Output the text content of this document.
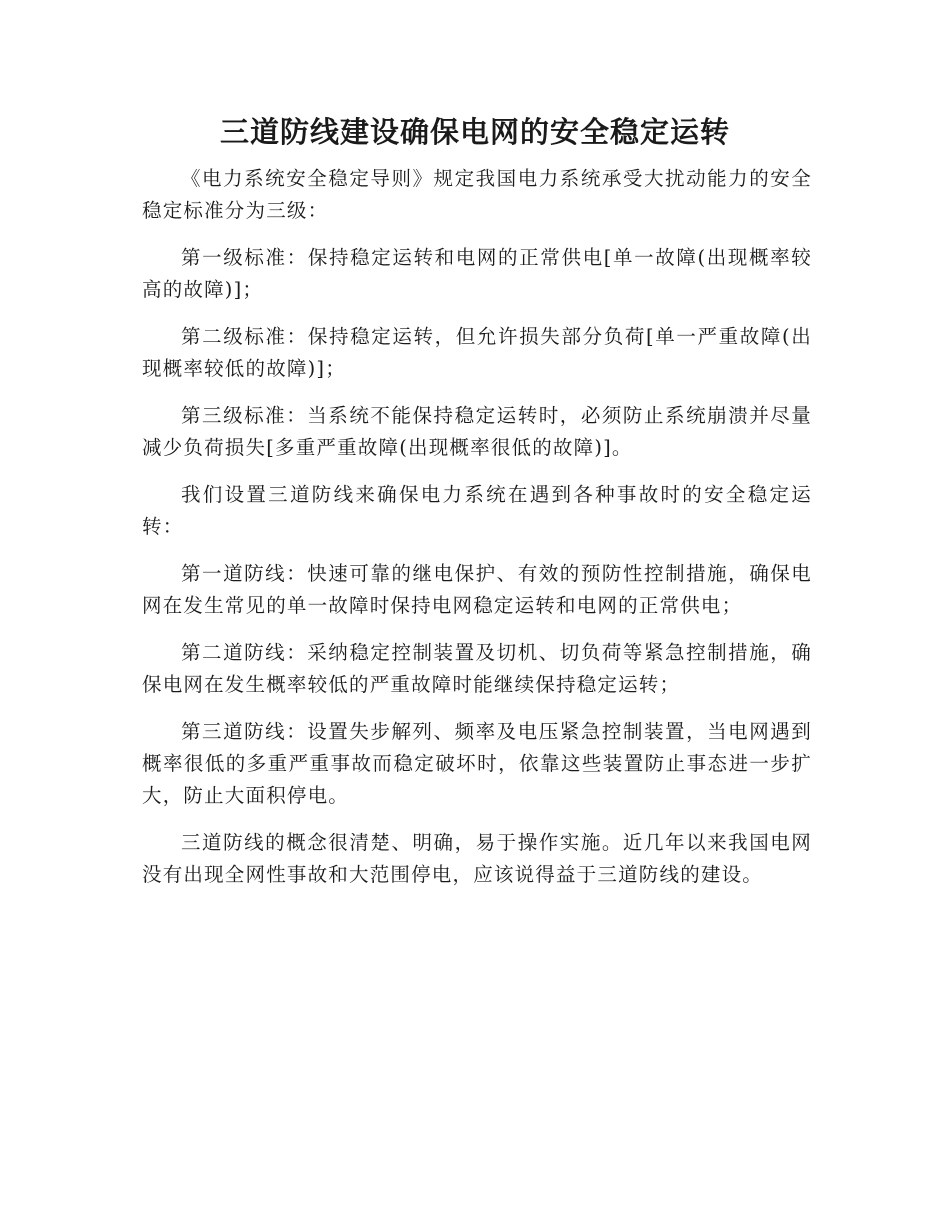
三道防线建设确保电网的安全稳定运转

《电力系统安全稳定导则》规定我国电力系统承受大扰动能力的安全稳定标准分为三级：

第一级标准：保持稳定运转和电网的正常供电[单一故障(出现概率较高的故障)]；

第二级标准：保持稳定运转，但允许损失部分负荷[单一严重故障(出现概率较低的故障)]；

第三级标准：当系统不能保持稳定运转时，必须防止系统崩溃并尽量减少负荷损失[多重严重故障(出现概率很低的故障)]。

我们设置三道防线来确保电力系统在遇到各种事故时的安全稳定运转：

第一道防线：快速可靠的继电保护、有效的预防性控制措施，确保电网在发生常见的单一故障时保持电网稳定运转和电网的正常供电；

第二道防线：采纳稳定控制装置及切机、切负荷等紧急控制措施，确保电网在发生概率较低的严重故障时能继续保持稳定运转；

第三道防线：设置失步解列、频率及电压紧急控制装置，当电网遇到概率很低的多重严重事故而稳定破坏时，依靠这些装置防止事态进一步扩大，防止大面积停电。

三道防线的概念很清楚、明确，易于操作实施。近几年以来我国电网没有出现全网性事故和大范围停电，应该说得益于三道防线的建设。
